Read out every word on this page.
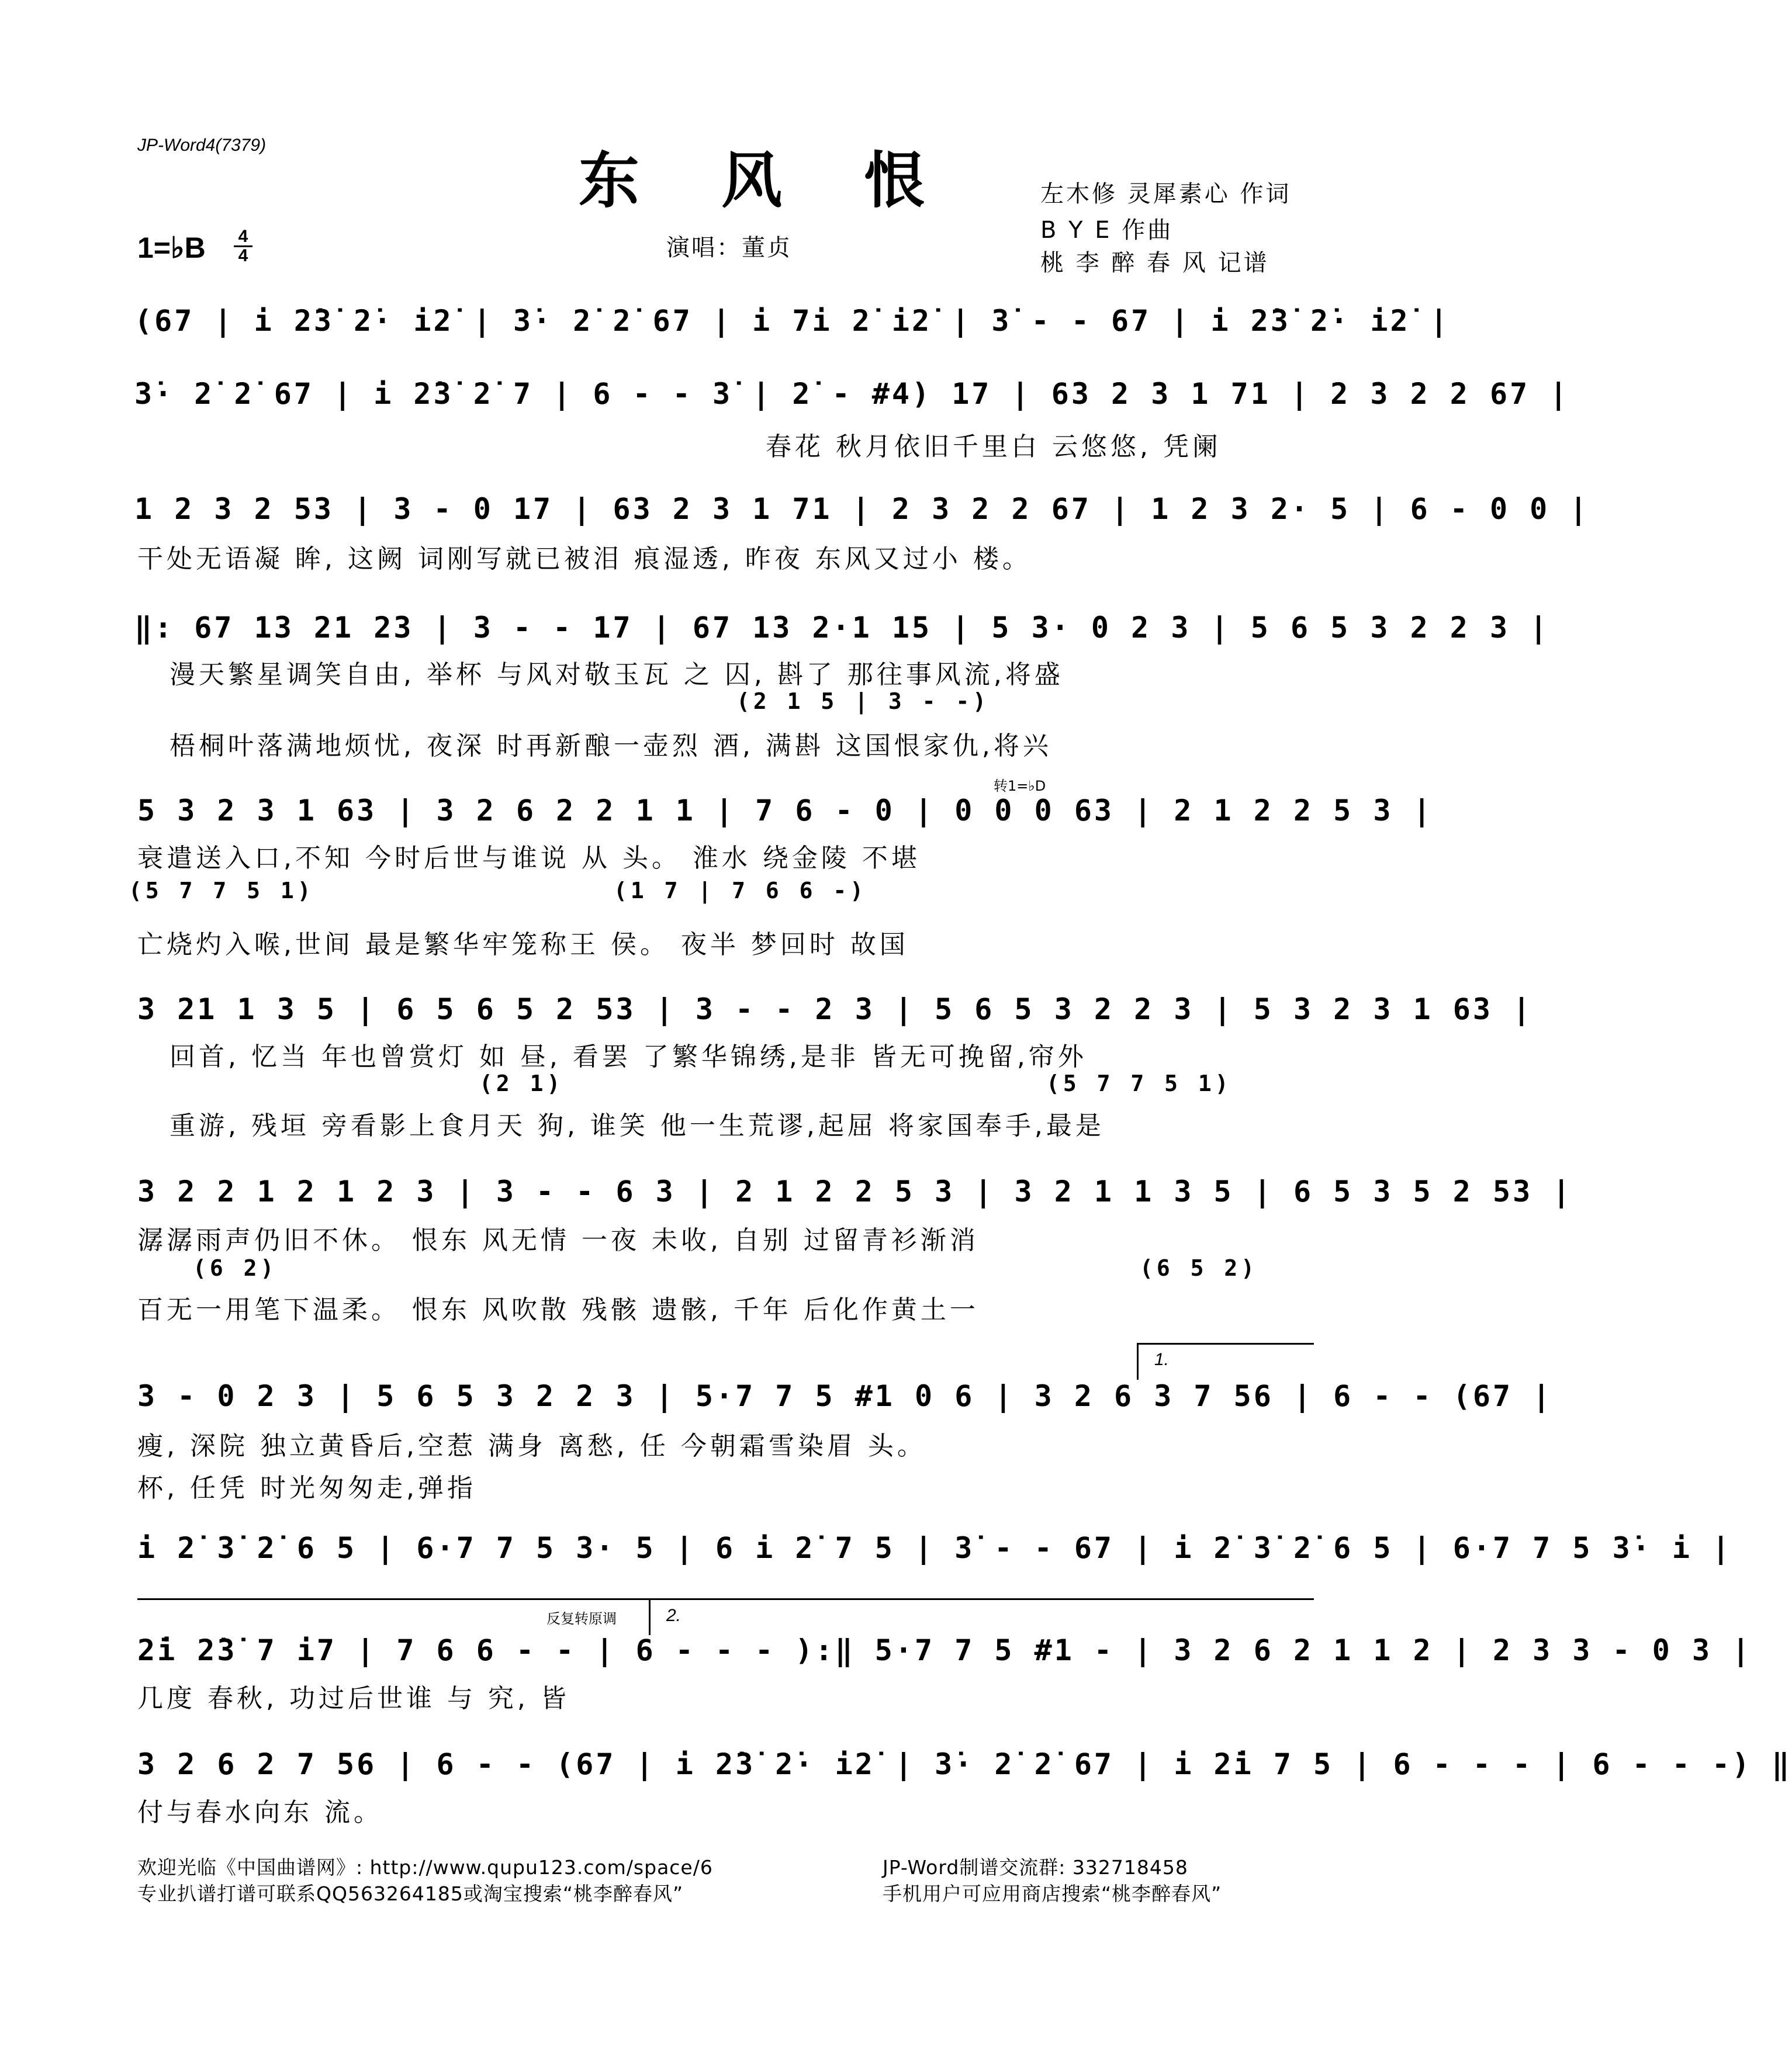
JP-Word4(7379)	东 风 恨	左木修 灵犀素心 作词
B Y E 作曲
桃 李 醉 春 风 记谱
1=♭B 4
4	演唱：董贞
(67 | i 2̇3̇ 2̇· i2̇ | 3̇· 2̇ 2̇ 67 | i 7i 2̇ i2̇ | 3̇ - - 67 | i 2̇3̇ 2̇· i2̇ |
3̇· 2̇ 2̇ 67 | i 2̇3̇ 2̇ 7 | 6 - - 3̇ | 2̇ - #4) 17 | 63 2 3 1 71 | 2 3 2 2 67 |
春花 秋月依旧千里白 云悠悠, 凭阑
1 2 3 2 53 | 3 - 0 17 | 63 2 3 1 71 | 2 3 2 2 67 | 1 2 3 2· 5 | 6 - 0 0 |
干处无语凝 眸, 这阙 词刚写就已被泪 痕湿透, 昨夜 东风又过小 楼。
‖: 67 13 21 23 | 3 - - 17 | 67 13 2·1 15 | 5 3· 0 2 3 | 5 6 5 3 2 2 3 |
漫天繁星调笑自由, 举杯 与风对敬玉瓦 之 囚, 斟了 那往事风流,将盛
(2 1 5 | 3 - -)
梧桐叶落满地烦忧, 夜深 时再新酿一壶烈 酒, 满斟 这国恨家仇,将兴
转1=♭D
5 3 2 3 1 63 | 3 2 6 2 2 1 1 | 7 6 - 0 | 0 0 0 63 | 2 1 2 2 5 3 |
衰遣送入口,不知 今时后世与谁说 从 头。 淮水 绕金陵 不堪
(5 7 7 5 1)	(1 7 | 7 6 6 -)
亡烧灼入喉,世间 最是繁华牢笼称王 侯。 夜半 梦回时 故国
3 21 1 3 5 | 6 5 6 5 2 53 | 3 - - 2 3 | 5 6 5 3 2 2 3 | 5 3 2 3 1 63 |
回首, 忆当 年也曾赏灯 如 昼, 看罢 了繁华锦绣,是非 皆无可挽留,帘外
(2 1)	(5 7 7 5 1)
重游, 残垣 旁看影上食月天 狗, 谁笑 他一生荒谬,起屈 将家国奉手,最是
3 2 2 1 2 1 2 3 | 3 - - 6 3 | 2 1 2 2 5 3 | 3 2 1 1 3 5 | 6 5 3 5 2 53 |
潺潺雨声仍旧不休。 恨东 风无情 一夜 未收, 自别 过留青衫渐消
(6 2)	(6 5 2)
百无一用笔下温柔。 恨东 风吹散 残骸 遗骸, 千年 后化作黄土一
1.
3 - 0 2 3 | 5 6 5 3 2 2 3 | 5·7 7 5 #1 0 6 | 3 2 6 3 7 56 | 6 - - (67 |
瘦, 深院 独立黄昏后,空惹 满身 离愁, 任 今朝霜雪染眉 头。
杯, 任凭 时光匆匆走,弹指
i 2̇ 3̇ 2̇ 6 5 | 6·7 7 5 3· 5 | 6 i 2̇ 7 5 | 3̇ - - 67 | i 2̇ 3̇ 2̇ 6 5 | 6·7 7 5 3̇· i |
反复转原调	2.
2̇i 2̇3̇ 7 i7 | 7 6 6 - - | 6 - - - ):‖ 5·7 7 5 #1 - | 3 2 6 2 1 1 2 | 2 3 3 - 0 3 |
几度 春秋, 功过后世谁 与 究, 皆
3 2 6 2 7 56 | 6 - - (67 | i 2̇3̇ 2̇· i2̇ | 3̇· 2̇ 2̇ 67 | i 2̇i 7 5 | 6 - - - | 6 - - -) ‖
付与春水向东 流。
欢迎光临《中国曲谱网》: http://www.qupu123.com/space/6
专业扒谱打谱可联系QQ563264185或淘宝搜索“桃李醉春风”
JP-Word制谱交流群: 332718458
手机用户可应用商店搜索“桃李醉春风”
